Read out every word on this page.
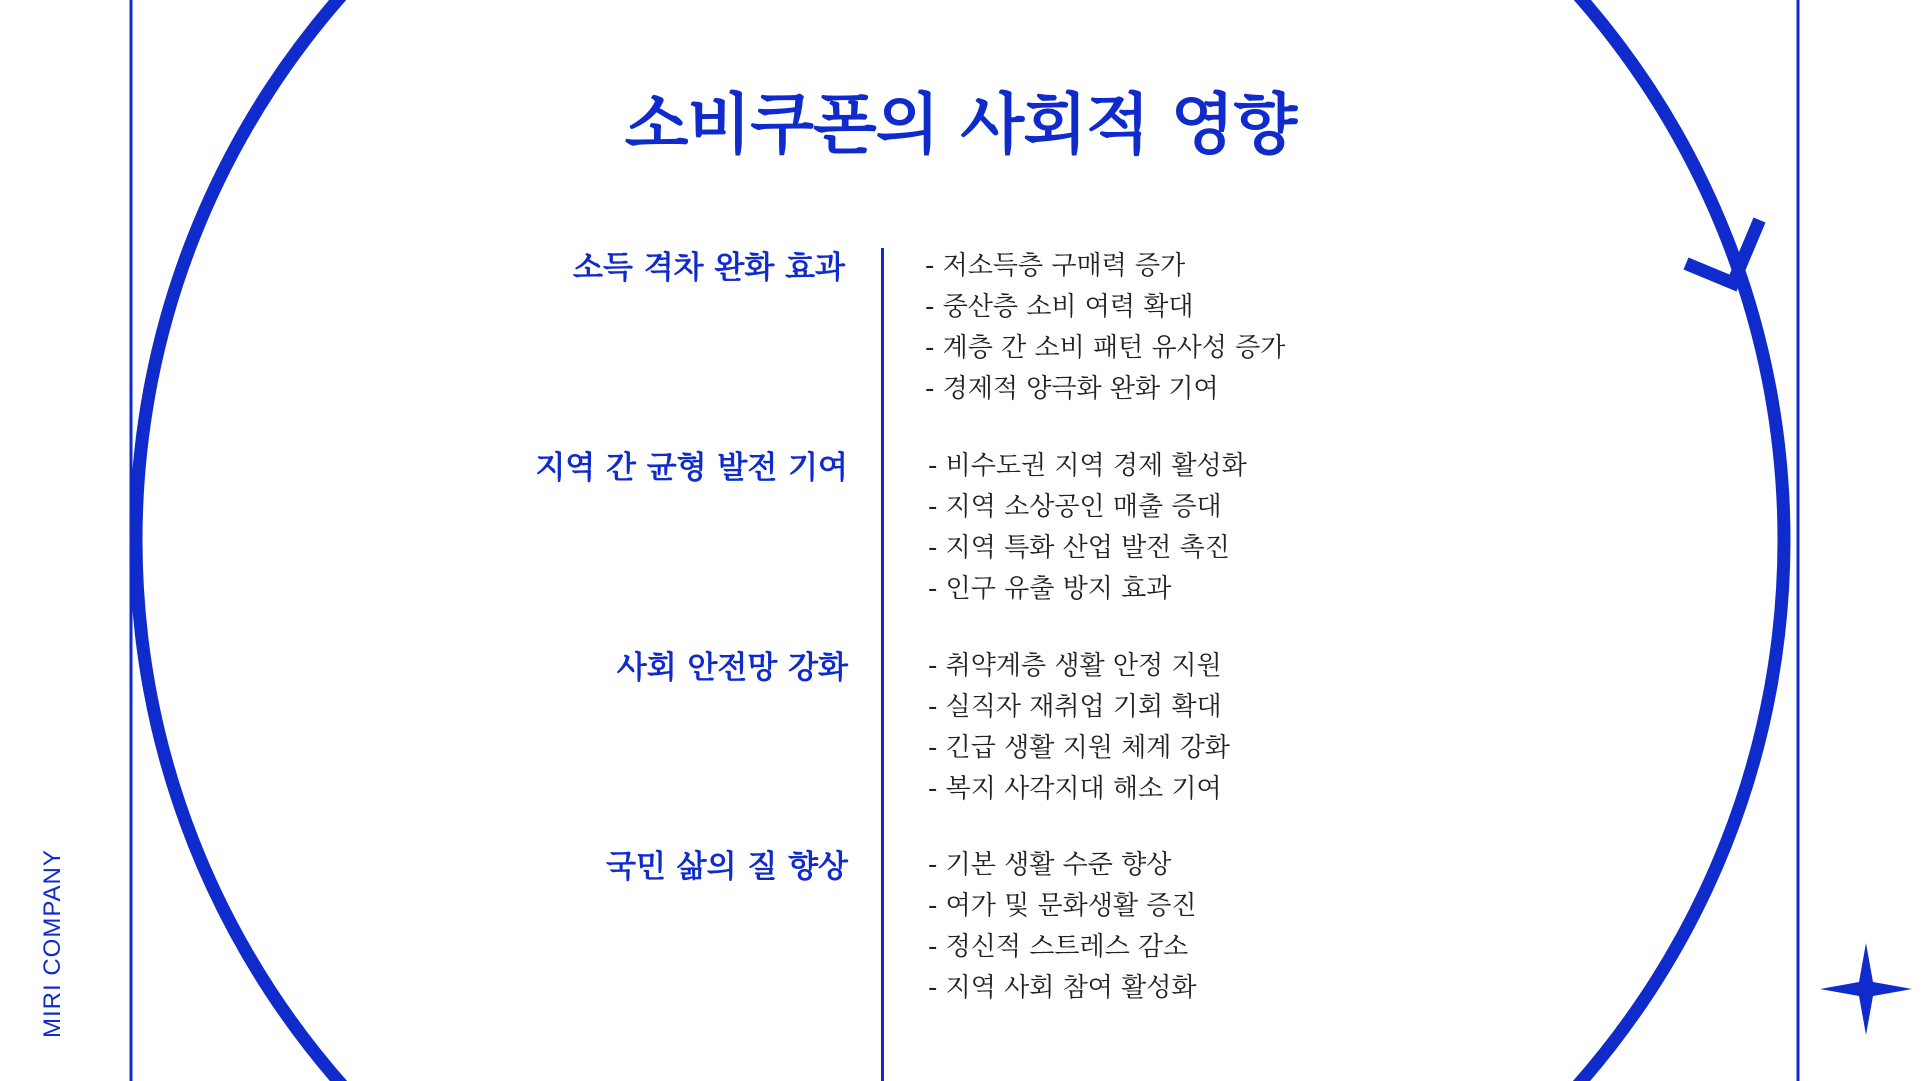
소비쿠폰의 사회적 영향
소득 격차 완화 효과	- 저소득층 구매력 증가
- 중산층 소비 여력 확대
- 계층 간 소비 패턴 유사성 증가
- 경제적 양극화 완화 기여
지역 간 균형 발전 기여	- 비수도권 지역 경제 활성화
- 지역 소상공인 매출 증대
- 지역 특화 산업 발전 촉진
- 인구 유출 방지 효과
사회 안전망 강화	- 취약계층 생활 안정 지원
- 실직자 재취업 기회 확대
- 긴급 생활 지원 체계 강화
- 복지 사각지대 해소 기여
국민 삶의 질 향상	- 기본 생활 수준 향상
- 여가 및 문화생활 증진
- 정신적 스트레스 감소
- 지역 사회 참여 활성화
MIRI COMPANY
